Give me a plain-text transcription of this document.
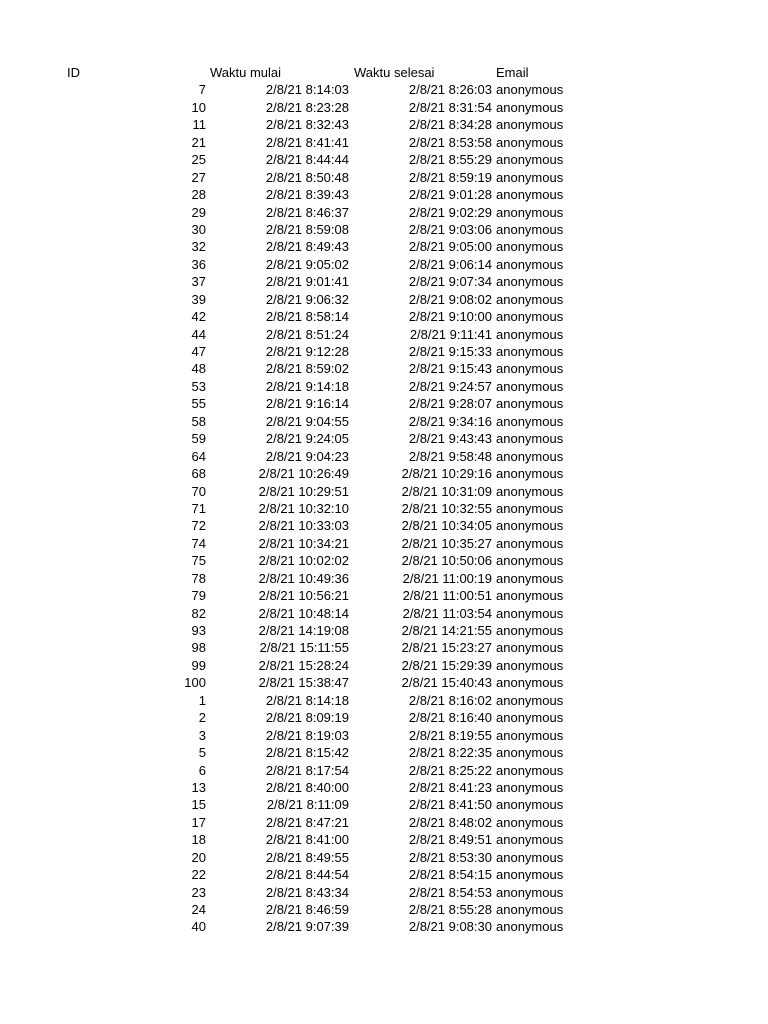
ID	Waktu mulai	Waktu selesai	Email
7	2/8/21 8:14:03	2/8/21 8:26:03 anonymous
10	2/8/21 8:23:28	2/8/21 8:31:54 anonymous
11	2/8/21 8:32:43	2/8/21 8:34:28 anonymous
21	2/8/21 8:41:41	2/8/21 8:53:58 anonymous
25	2/8/21 8:44:44	2/8/21 8:55:29 anonymous
27	2/8/21 8:50:48	2/8/21 8:59:19 anonymous
28	2/8/21 8:39:43	2/8/21 9:01:28 anonymous
29	2/8/21 8:46:37	2/8/21 9:02:29 anonymous
30	2/8/21 8:59:08	2/8/21 9:03:06 anonymous
32	2/8/21 8:49:43	2/8/21 9:05:00 anonymous
36	2/8/21 9:05:02	2/8/21 9:06:14 anonymous
37	2/8/21 9:01:41	2/8/21 9:07:34 anonymous
39	2/8/21 9:06:32	2/8/21 9:08:02 anonymous
42	2/8/21 8:58:14	2/8/21 9:10:00 anonymous
44	2/8/21 8:51:24	2/8/21 9:11:41 anonymous
47	2/8/21 9:12:28	2/8/21 9:15:33 anonymous
48	2/8/21 8:59:02	2/8/21 9:15:43 anonymous
53	2/8/21 9:14:18	2/8/21 9:24:57 anonymous
55	2/8/21 9:16:14	2/8/21 9:28:07 anonymous
58	2/8/21 9:04:55	2/8/21 9:34:16 anonymous
59	2/8/21 9:24:05	2/8/21 9:43:43 anonymous
64	2/8/21 9:04:23	2/8/21 9:58:48 anonymous
68	2/8/21 10:26:49	2/8/21 10:29:16 anonymous
70	2/8/21 10:29:51	2/8/21 10:31:09 anonymous
71	2/8/21 10:32:10	2/8/21 10:32:55 anonymous
72	2/8/21 10:33:03	2/8/21 10:34:05 anonymous
74	2/8/21 10:34:21	2/8/21 10:35:27 anonymous
75	2/8/21 10:02:02	2/8/21 10:50:06 anonymous
78	2/8/21 10:49:36	2/8/21 11:00:19 anonymous
79	2/8/21 10:56:21	2/8/21 11:00:51 anonymous
82	2/8/21 10:48:14	2/8/21 11:03:54 anonymous
93	2/8/21 14:19:08	2/8/21 14:21:55 anonymous
98	2/8/21 15:11:55	2/8/21 15:23:27 anonymous
99	2/8/21 15:28:24	2/8/21 15:29:39 anonymous
100	2/8/21 15:38:47	2/8/21 15:40:43 anonymous
1	2/8/21 8:14:18	2/8/21 8:16:02 anonymous
2	2/8/21 8:09:19	2/8/21 8:16:40 anonymous
3	2/8/21 8:19:03	2/8/21 8:19:55 anonymous
5	2/8/21 8:15:42	2/8/21 8:22:35 anonymous
6	2/8/21 8:17:54	2/8/21 8:25:22 anonymous
13	2/8/21 8:40:00	2/8/21 8:41:23 anonymous
15	2/8/21 8:11:09	2/8/21 8:41:50 anonymous
17	2/8/21 8:47:21	2/8/21 8:48:02 anonymous
18	2/8/21 8:41:00	2/8/21 8:49:51 anonymous
20	2/8/21 8:49:55	2/8/21 8:53:30 anonymous
22	2/8/21 8:44:54	2/8/21 8:54:15 anonymous
23	2/8/21 8:43:34	2/8/21 8:54:53 anonymous
24	2/8/21 8:46:59	2/8/21 8:55:28 anonymous
40	2/8/21 9:07:39	2/8/21 9:08:30 anonymous
